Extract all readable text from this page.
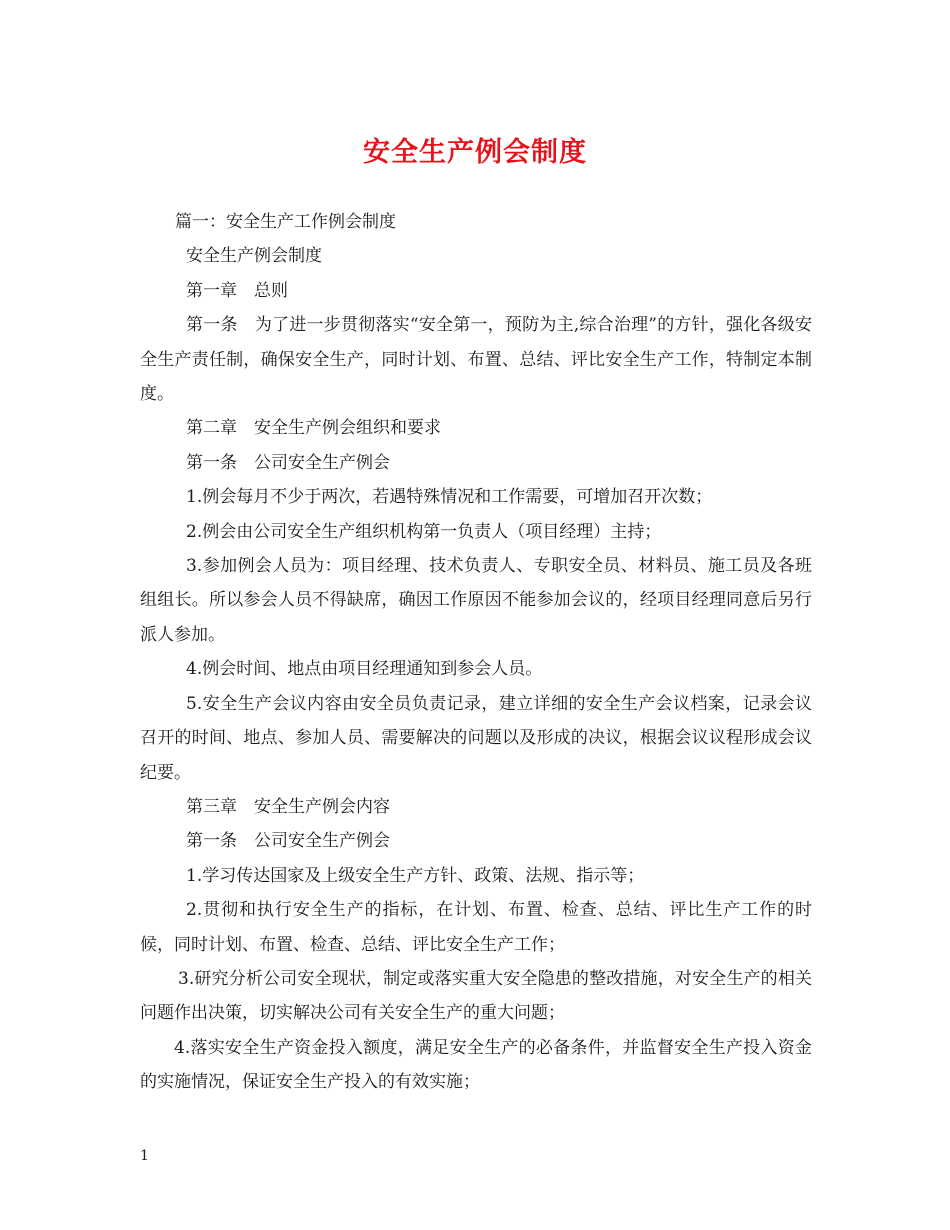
安全生产例会制度

篇一：安全生产工作例会制度

安全生产例会制度

第一章　总则

第一条　为了进一步贯彻落实“安全第一，预防为主,综合治理”的方针，强化各级安全生产责任制，确保安全生产，同时计划、布置、总结、评比安全生产工作，特制定本制度。

第二章　安全生产例会组织和要求

第一条　公司安全生产例会

1.例会每月不少于两次，若遇特殊情况和工作需要，可增加召开次数；

2.例会由公司安全生产组织机构第一负责人（项目经理）主持；

3.参加例会人员为：项目经理、技术负责人、专职安全员、材料员、施工员及各班组组长。所以参会人员不得缺席，确因工作原因不能参加会议的，经项目经理同意后另行派人参加。

4.例会时间、地点由项目经理通知到参会人员。

5.安全生产会议内容由安全员负责记录，建立详细的安全生产会议档案，记录会议召开的时间、地点、参加人员、需要解决的问题以及形成的决议，根据会议议程形成会议纪要。

第三章　安全生产例会内容

第一条　公司安全生产例会

1.学习传达国家及上级安全生产方针、政策、法规、指示等；

2.贯彻和执行安全生产的指标，在计划、布置、检查、总结、评比生产工作的时候，同时计划、布置、检查、总结、评比安全生产工作；

3.研究分析公司安全现状，制定或落实重大安全隐患的整改措施，对安全生产的相关问题作出决策，切实解决公司有关安全生产的重大问题；

4.落实安全生产资金投入额度，满足安全生产的必备条件，并监督安全生产投入资金的实施情况，保证安全生产投入的有效实施；

1
